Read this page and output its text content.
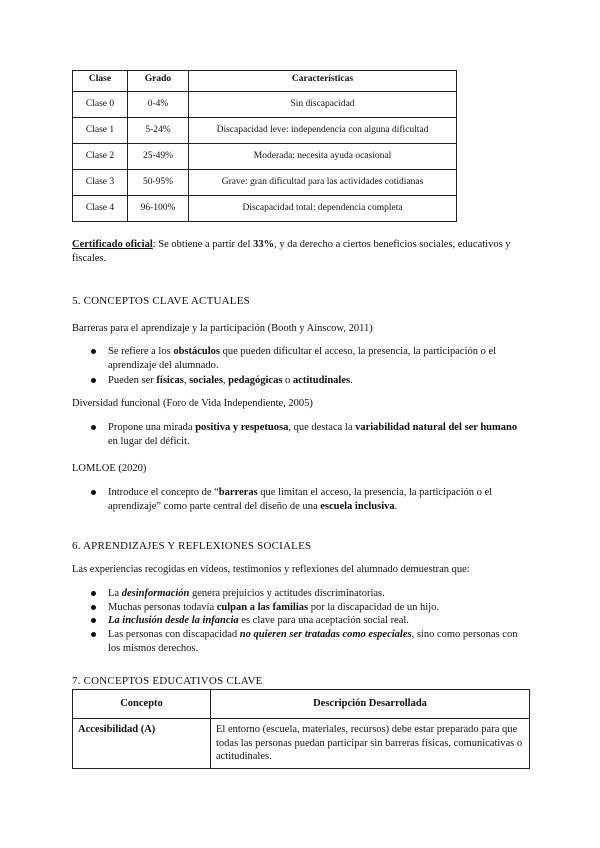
Clase	Grado	Características
Clase 0	0-4%	Sin discapacidad
Clase 1	5-24%	Discapacidad leve: independencia con alguna dificultad
Clase 2	25-49%	Moderada: necesita ayuda ocasional
Clase 3	50-95%	Grave: gran dificultad para las actividades cotidianas
Clase 4	96-100%	Discapacidad total: dependencia completa

Certificado oficial: Se obtiene a partir del 33%, y da derecho a ciertos beneficios sociales, educativos y fiscales.

5. CONCEPTOS CLAVE ACTUALES

Barreras para el aprendizaje y la participación (Booth y Ainscow, 2011)

Se refiere a los obstáculos que pueden dificultar el acceso, la presencia, la participación o el aprendizaje del alumnado.
Pueden ser físicas, sociales, pedagógicas o actitudinales.

Diversidad funcional (Foro de Vida Independiente, 2005)

Propone una mirada positiva y respetuosa, que destaca la variabilidad natural del ser humano en lugar del déficit.

LOMLOE (2020)

Introduce el concepto de “barreras que limitan el acceso, la presencia, la participación o el aprendizaje” como parte central del diseño de una escuela inclusiva.
6. APRENDIZAJES Y REFLEXIONES SOCIALES

Las experiencias recogidas en vídeos, testimonios y reflexiones del alumnado demuestran que:

La desinformación genera prejuicios y actitudes discriminatorias.
Muchas personas todavía culpan a las familias por la discapacidad de un hijo.
La inclusión desde la infancia es clave para una aceptación social real.
Las personas con discapacidad no quieren ser tratadas como especiales, sino como personas con los mismos derechos.
7. CONCEPTOS EDUCATIVOS CLAVE
Concepto	Descripción Desarrollada
Accesibilidad (A)	El entorno (escuela, materiales, recursos) debe estar preparado para que todas las personas puedan participar sin barreras físicas, comunicativas o actitudinales.
